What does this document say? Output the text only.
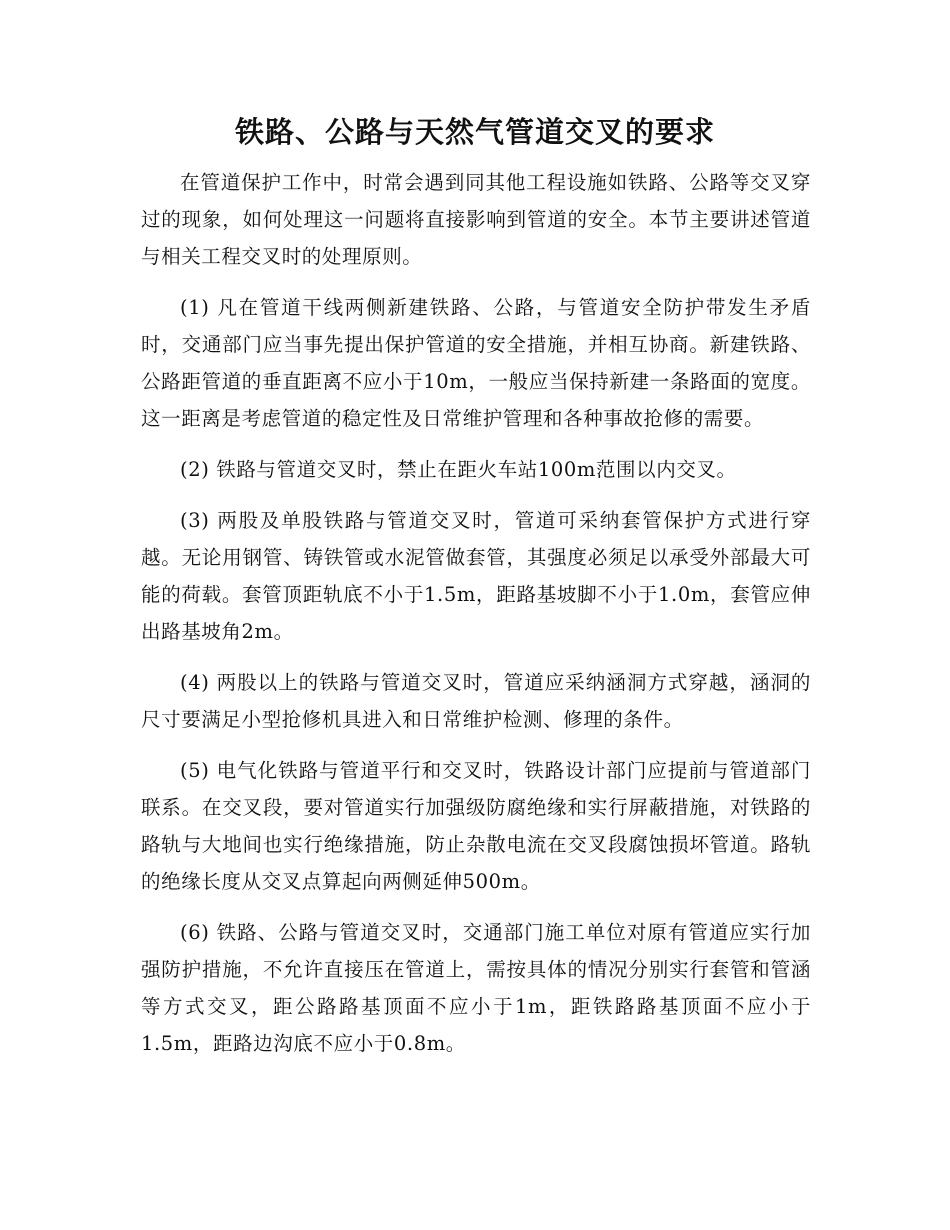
铁路、公路与天然气管道交叉的要求

在管道保护工作中，时常会遇到同其他工程设施如铁路、公路等交叉穿过的现象，如何处理这一问题将直接影响到管道的安全。本节主要讲述管道与相关工程交叉时的处理原则。

(1) 凡在管道干线两侧新建铁路、公路，与管道安全防护带发生矛盾时，交通部门应当事先提出保护管道的安全措施，并相互协商。新建铁路、公路距管道的垂直距离不应小于10m，一般应当保持新建一条路面的宽度。这一距离是考虑管道的稳定性及日常维护管理和各种事故抢修的需要。

(2) 铁路与管道交叉时，禁止在距火车站100m范围以内交叉。

(3) 两股及单股铁路与管道交叉时，管道可采纳套管保护方式进行穿越。无论用钢管、铸铁管或水泥管做套管，其强度必须足以承受外部最大可能的荷载。套管顶距轨底不小于1.5m，距路基坡脚不小于1.0m，套管应伸出路基坡角2m。

(4) 两股以上的铁路与管道交叉时，管道应采纳涵洞方式穿越，涵洞的尺寸要满足小型抢修机具进入和日常维护检测、修理的条件。

(5) 电气化铁路与管道平行和交叉时，铁路设计部门应提前与管道部门联系。在交叉段，要对管道实行加强级防腐绝缘和实行屏蔽措施，对铁路的路轨与大地间也实行绝缘措施，防止杂散电流在交叉段腐蚀损坏管道。路轨的绝缘长度从交叉点算起向两侧延伸500m。

(6) 铁路、公路与管道交叉时，交通部门施工单位对原有管道应实行加强防护措施，不允许直接压在管道上，需按具体的情况分别实行套管和管涵等方式交叉，距公路路基顶面不应小于1m，距铁路路基顶面不应小于1.5m，距路边沟底不应小于0.8m。
